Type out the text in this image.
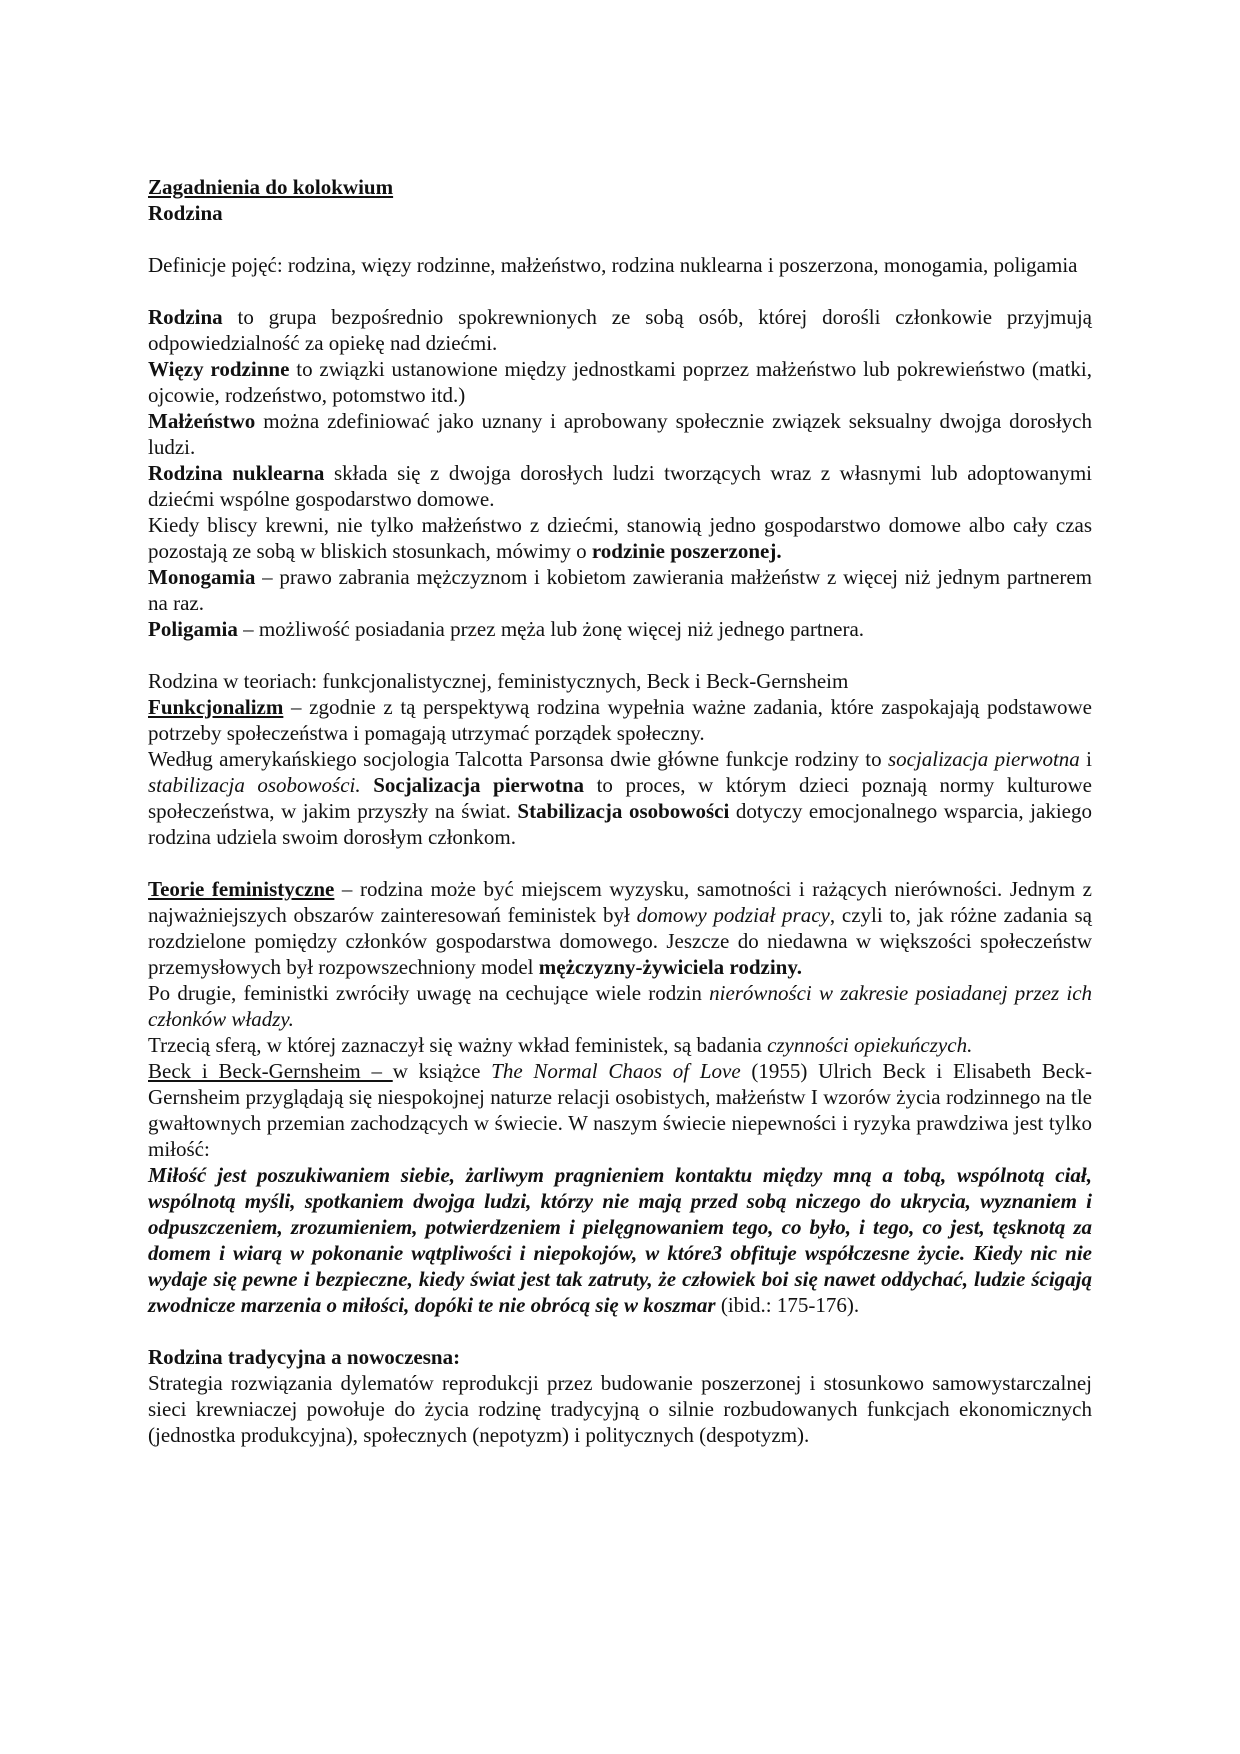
Zagadnienia do kolokwium

Rodzina

Definicje pojęć: rodzina, więzy rodzinne, małżeństwo, rodzina nuklearna i poszerzona, monogamia, poligamia

Rodzina to grupa bezpośrednio spokrewnionych ze sobą osób, której dorośli członkowie przyjmują odpowiedzialność za opiekę nad dziećmi.

Więzy rodzinne to związki ustanowione między jednostkami poprzez małżeństwo lub pokrewieństwo (matki, ojcowie, rodzeństwo, potomstwo itd.)

Małżeństwo można zdefiniować jako uznany i aprobowany społecznie związek seksualny dwojga dorosłych ludzi.

Rodzina nuklearna składa się z dwojga dorosłych ludzi tworzących wraz z własnymi lub adoptowanymi dziećmi wspólne gospodarstwo domowe.

Kiedy bliscy krewni, nie tylko małżeństwo z dziećmi, stanowią jedno gospodarstwo domowe albo cały czas pozostają ze sobą w bliskich stosunkach, mówimy o rodzinie poszerzonej.

Monogamia – prawo zabrania mężczyznom i kobietom zawierania małżeństw z więcej niż jednym partnerem na raz.

Poligamia – możliwość posiadania przez męża lub żonę więcej niż jednego partnera.

Rodzina w teoriach: funkcjonalistycznej, feministycznych, Beck i Beck-Gernsheim

Funkcjonalizm – zgodnie z tą perspektywą rodzina wypełnia ważne zadania, które zaspokajają podstawowe potrzeby społeczeństwa i pomagają utrzymać porządek społeczny.

Według amerykańskiego socjologia Talcotta Parsonsa dwie główne funkcje rodziny to socjalizacja pierwotna i stabilizacja osobowości. Socjalizacja pierwotna to proces, w którym dzieci poznają normy kulturowe społeczeństwa, w jakim przyszły na świat. Stabilizacja osobowości dotyczy emocjonalnego wsparcia, jakiego rodzina udziela swoim dorosłym członkom.

Teorie feministyczne – rodzina może być miejscem wyzysku, samotności i rażących nierówności. Jednym z najważniejszych obszarów zainteresowań feministek był domowy podział pracy, czyli to, jak różne zadania są rozdzielone pomiędzy członków gospodarstwa domowego. Jeszcze do niedawna w większości społeczeństw przemysłowych był rozpowszechniony model mężczyzny-żywiciela rodziny.

Po drugie, feministki zwróciły uwagę na cechujące wiele rodzin nierówności w zakresie posiadanej przez ich członków władzy.

Trzecią sferą, w której zaznaczył się ważny wkład feministek, są badania czynności opiekuńczych.

Beck i Beck-Gernsheim – w książce The Normal Chaos of Love (1955) Ulrich Beck i Elisabeth Beck-Gernsheim przyglądają się niespokojnej naturze relacji osobistych, małżeństw I wzorów życia rodzinnego na tle gwałtownych przemian zachodzących w świecie. W naszym świecie niepewności i ryzyka prawdziwa jest tylko miłość:

Miłość jest poszukiwaniem siebie, żarliwym pragnieniem kontaktu między mną a tobą, wspólnotą ciał, wspólnotą myśli, spotkaniem dwojga ludzi, którzy nie mają przed sobą niczego do ukrycia, wyznaniem i odpuszczeniem, zrozumieniem, potwierdzeniem i pielęgnowaniem tego, co było, i tego, co jest, tęsknotą za domem i wiarą w pokonanie wątpliwości i niepokojów, w które3 obfituje współczesne życie. Kiedy nic nie wydaje się pewne i bezpieczne, kiedy świat jest tak zatruty, że człowiek boi się nawet oddychać, ludzie ścigają zwodnicze marzenia o miłości, dopóki te nie obrócą się w koszmar (ibid.: 175-176).

Rodzina tradycyjna a nowoczesna:

Strategia rozwiązania dylematów reprodukcji przez budowanie poszerzonej i stosunkowo samowystarczalnej sieci krewniaczej powołuje do życia rodzinę tradycyjną o silnie rozbudowanych funkcjach ekonomicznych (jednostka produkcyjna), społecznych (nepotyzm) i politycznych (despotyzm).
